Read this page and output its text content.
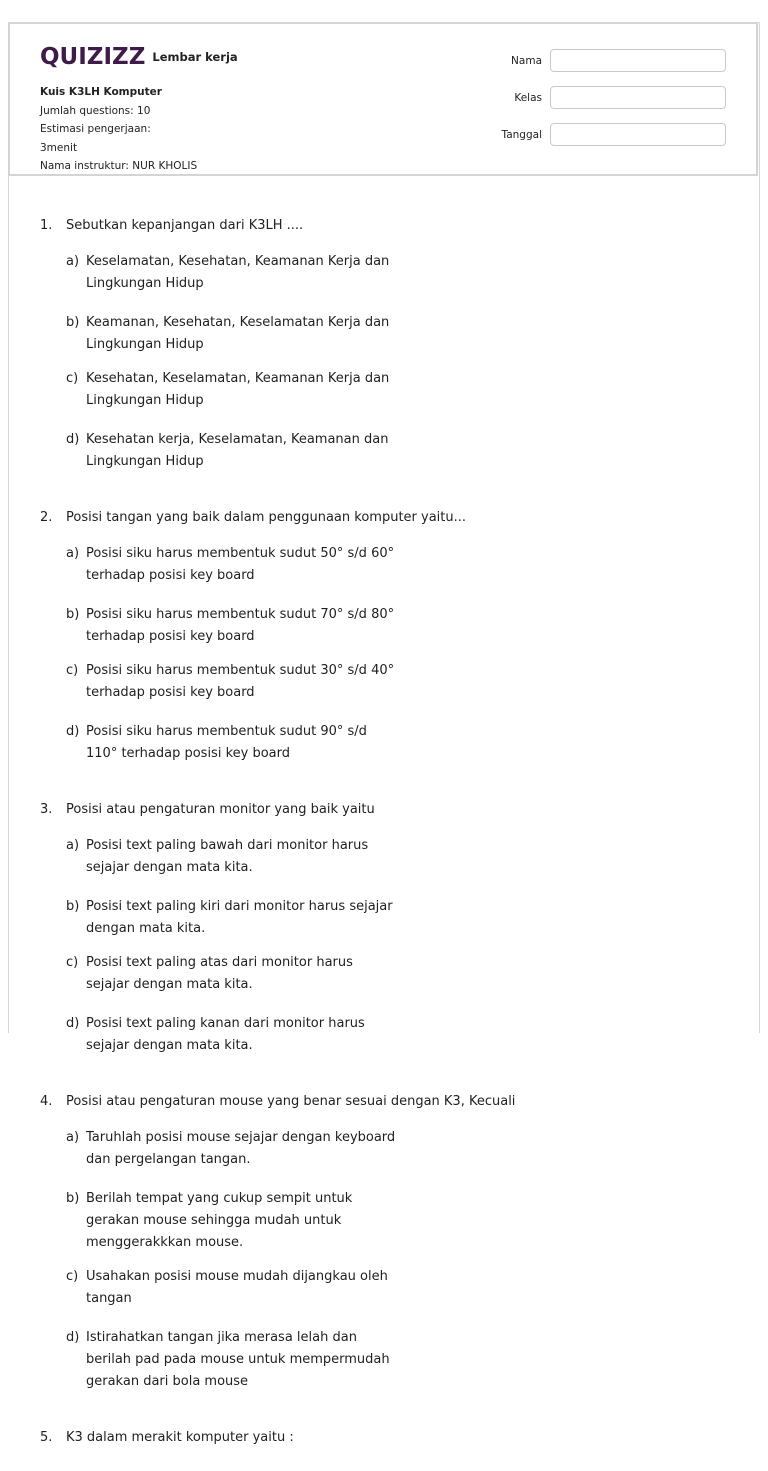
QUIZIZZ Lembar kerja
Kuis K3LH Komputer
Jumlah questions: 10
Estimasi pengerjaan:
3menit
Nama instruktur: NUR KHOLIS
Nama
Kelas
Tanggal
1.	Sebutkan kepanjangan dari K3LH ....
a) Keselamatan, Kesehatan, Keamanan Kerja dan Lingkungan Hidup
b) Keamanan, Kesehatan, Keselamatan Kerja dan Lingkungan Hidup
c) Kesehatan, Keselamatan, Keamanan Kerja dan Lingkungan Hidup
d) Kesehatan kerja, Keselamatan, Keamanan dan Lingkungan Hidup
2.	Posisi tangan yang baik dalam penggunaan komputer yaitu...
a) Posisi siku harus membentuk sudut 50° s/d 60° terhadap posisi key board
b) Posisi siku harus membentuk sudut 70° s/d 80° terhadap posisi key board
c) Posisi siku harus membentuk sudut 30° s/d 40° terhadap posisi key board
d) Posisi siku harus membentuk sudut 90° s/d 110° terhadap posisi key board
3.	Posisi atau pengaturan monitor yang baik yaitu
a) Posisi text paling bawah dari monitor harus sejajar dengan mata kita.
b) Posisi text paling kiri dari monitor harus sejajar dengan mata kita.
c) Posisi text paling atas dari monitor harus sejajar dengan mata kita.
d) Posisi text paling kanan dari monitor harus sejajar dengan mata kita.
4.	Posisi atau pengaturan mouse yang benar sesuai dengan K3, Kecuali
a) Taruhlah posisi mouse sejajar dengan keyboard dan pergelangan tangan.
b) Berilah tempat yang cukup sempit untuk gerakan mouse sehingga mudah untuk menggerakkkan mouse.
c) Usahakan posisi mouse mudah dijangkau oleh tangan
d) Istirahatkan tangan jika merasa lelah dan berilah pad pada mouse untuk mempermudah gerakan dari bola mouse
5.	K3 dalam merakit komputer yaitu :
